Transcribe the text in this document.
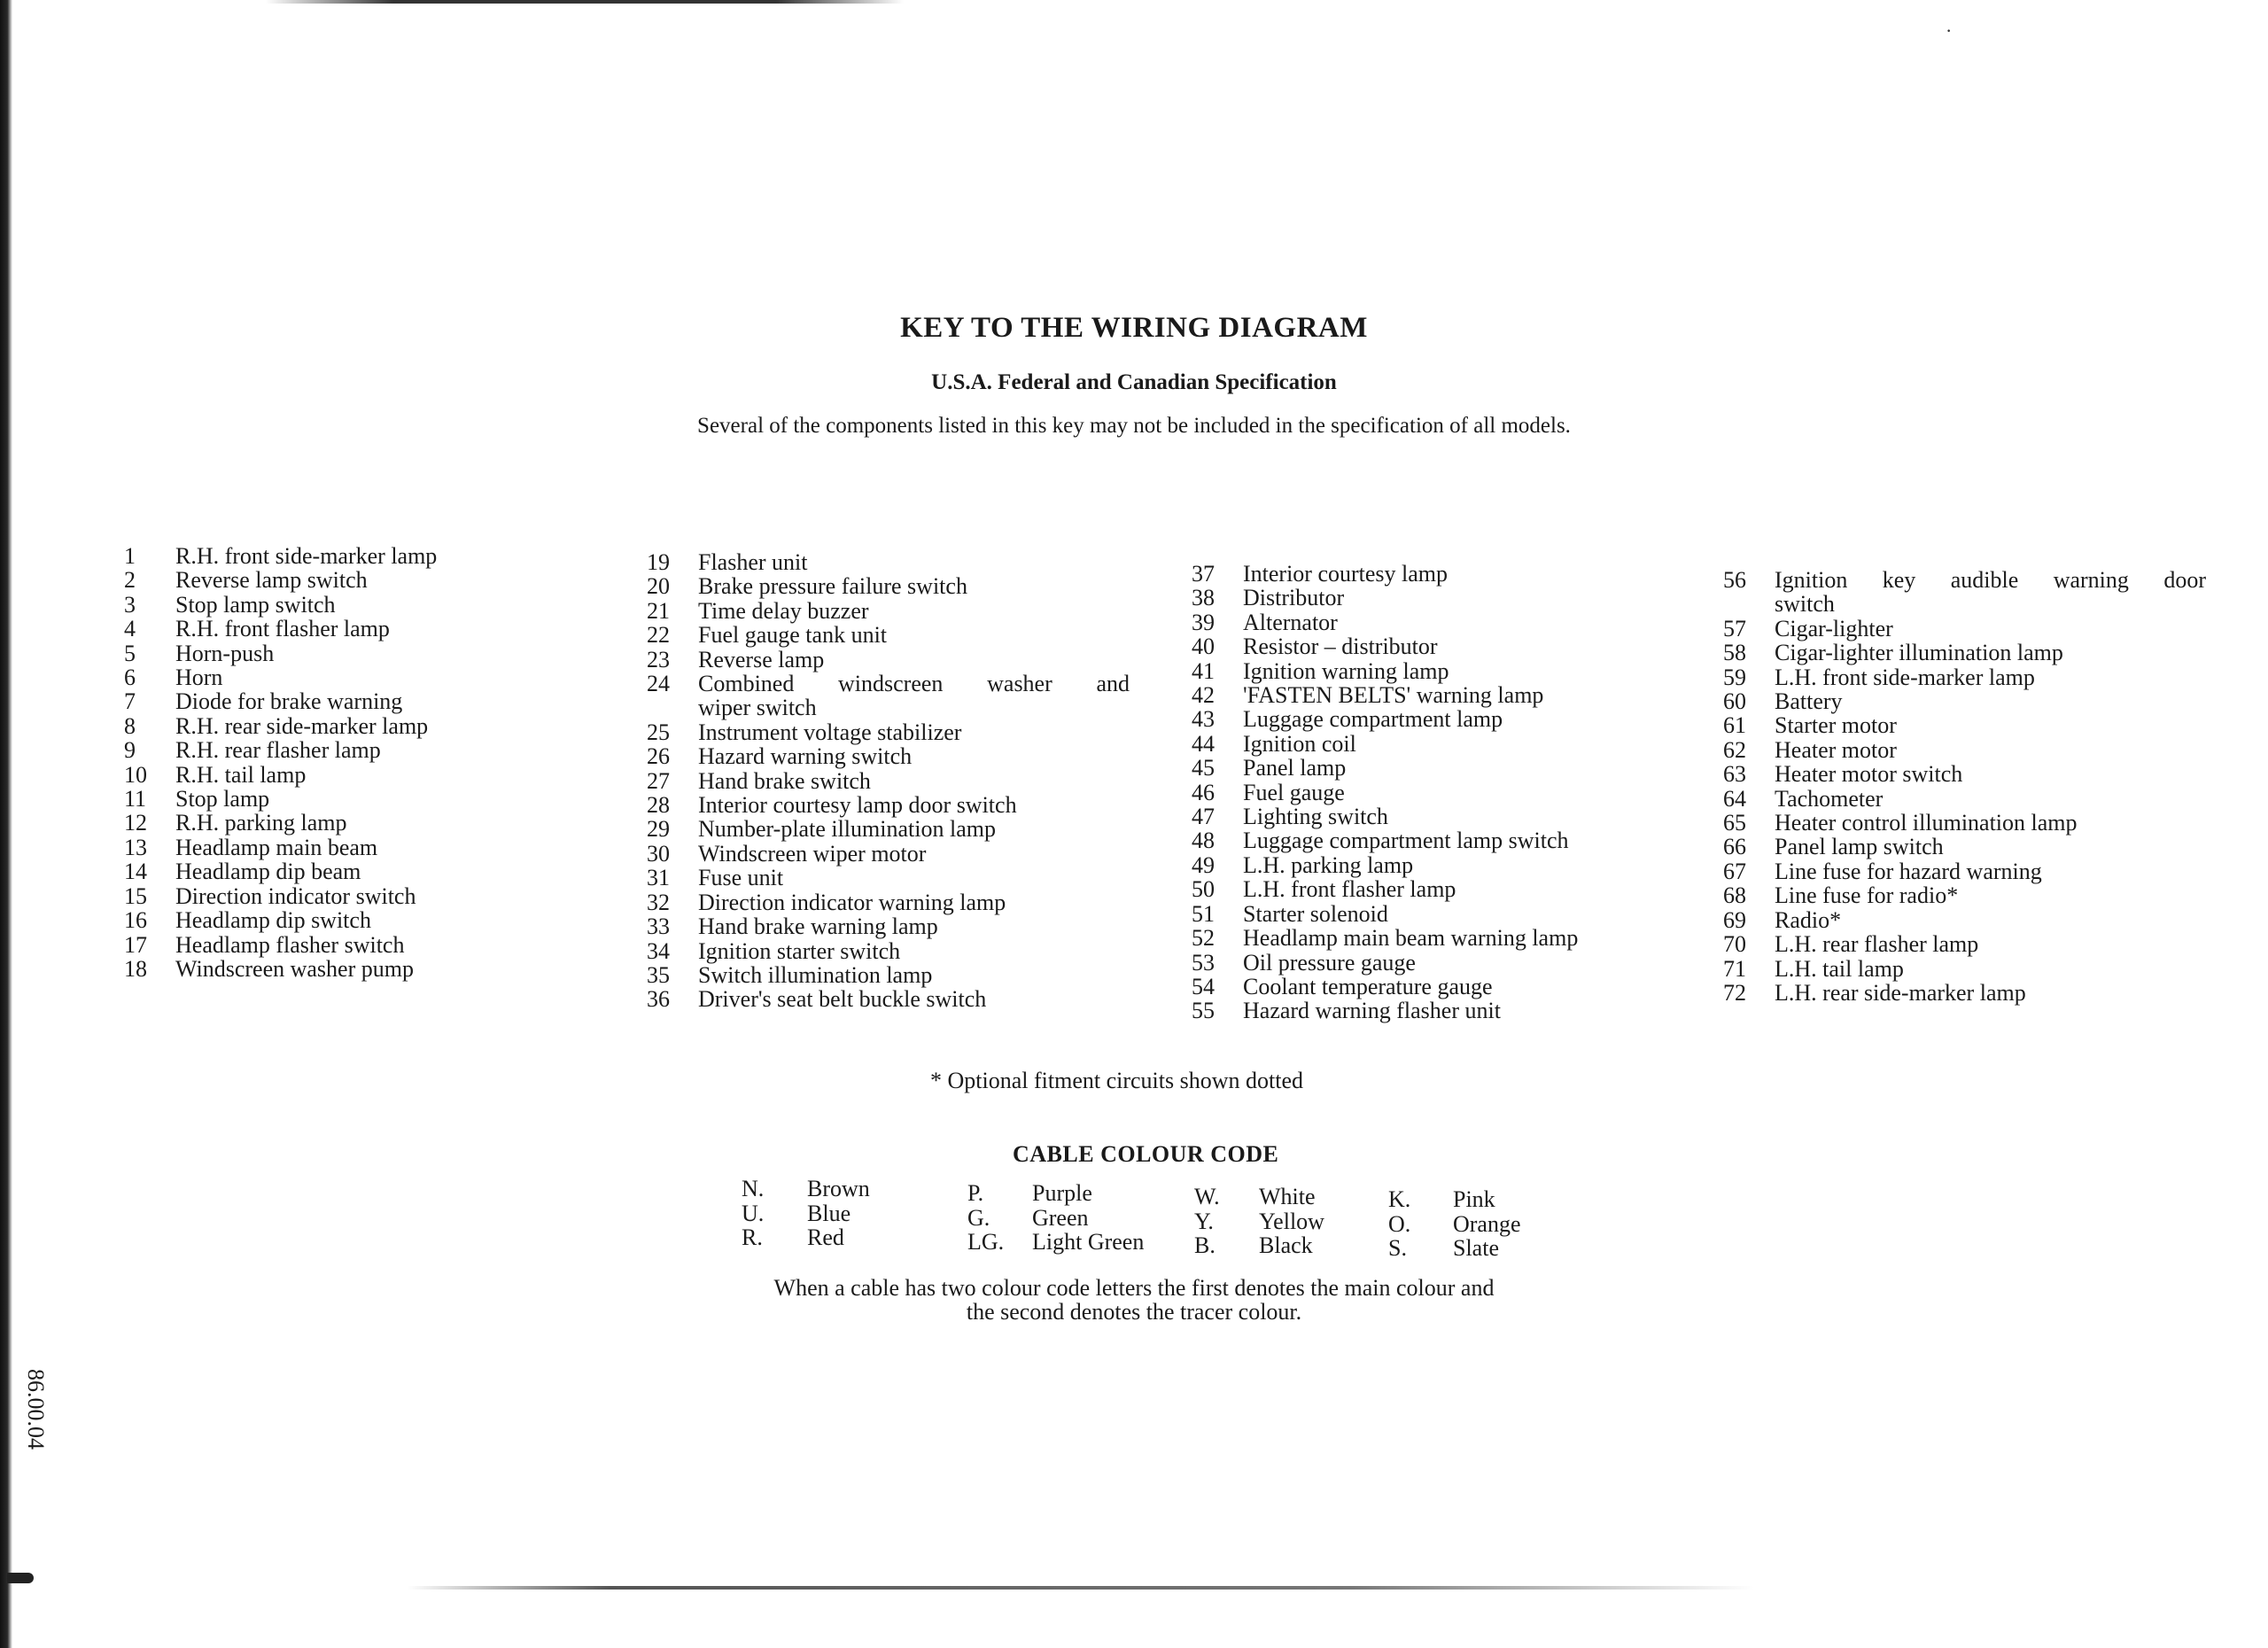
·
KEY TO THE WIRING DIAGRAM
U.S.A. Federal and Canadian Specification
Several of the components listed in this key may not be included in the specification of all models.
1	R.H. front side-marker lamp
2	Reverse lamp switch
3	Stop lamp switch
4	R.H. front flasher lamp
5	Horn-push
6	Horn
7	Diode for brake warning
8	R.H. rear side-marker lamp
9	R.H. rear flasher lamp
10	R.H. tail lamp
11	Stop lamp
12	R.H. parking lamp
13	Headlamp main beam
14	Headlamp dip beam
15	Direction indicator switch
16	Headlamp dip switch
17	Headlamp flasher switch
18	Windscreen washer pump
19	Flasher unit
20	Brake pressure failure switch
21	Time delay buzzer
22	Fuel gauge tank unit
23	Reverse lamp
24	Combined windscreen washer and
wiper switch
25	Instrument voltage stabilizer
26	Hazard warning switch
27	Hand brake switch
28	Interior courtesy lamp door switch
29	Number-plate illumination lamp
30	Windscreen wiper motor
31	Fuse unit
32	Direction indicator warning lamp
33	Hand brake warning lamp
34	Ignition starter switch
35	Switch illumination lamp
36	Driver's seat belt buckle switch
37	Interior courtesy lamp
38	Distributor
39	Alternator
40	Resistor – distributor
41	Ignition warning lamp
42	'FASTEN BELTS' warning lamp
43	Luggage compartment lamp
44	Ignition coil
45	Panel lamp
46	Fuel gauge
47	Lighting switch
48	Luggage compartment lamp switch
49	L.H. parking lamp
50	L.H. front flasher lamp
51	Starter solenoid
52	Headlamp main beam warning lamp
53	Oil pressure gauge
54	Coolant temperature gauge
55	Hazard warning flasher unit
56	Ignition key audible warning door
switch
57	Cigar-lighter
58	Cigar-lighter illumination lamp
59	L.H. front side-marker lamp
60	Battery
61	Starter motor
62	Heater motor
63	Heater motor switch
64	Tachometer
65	Heater control illumination lamp
66	Panel lamp switch
67	Line fuse for hazard warning
68	Line fuse for radio*
69	Radio*
70	L.H. rear flasher lamp
71	L.H. tail lamp
72	L.H. rear side-marker lamp
* Optional fitment circuits shown dotted
CABLE COLOUR CODE
N.	Brown
U.	Blue
R.	Red
P.	Purple
G.	Green
LG.	Light Green
W.	White
Y.	Yellow
B.	Black
K.	Pink
O.	Orange
S.	Slate
When a cable has two colour code letters the first denotes the main colour and
the second denotes the tracer colour.
86.00.04
